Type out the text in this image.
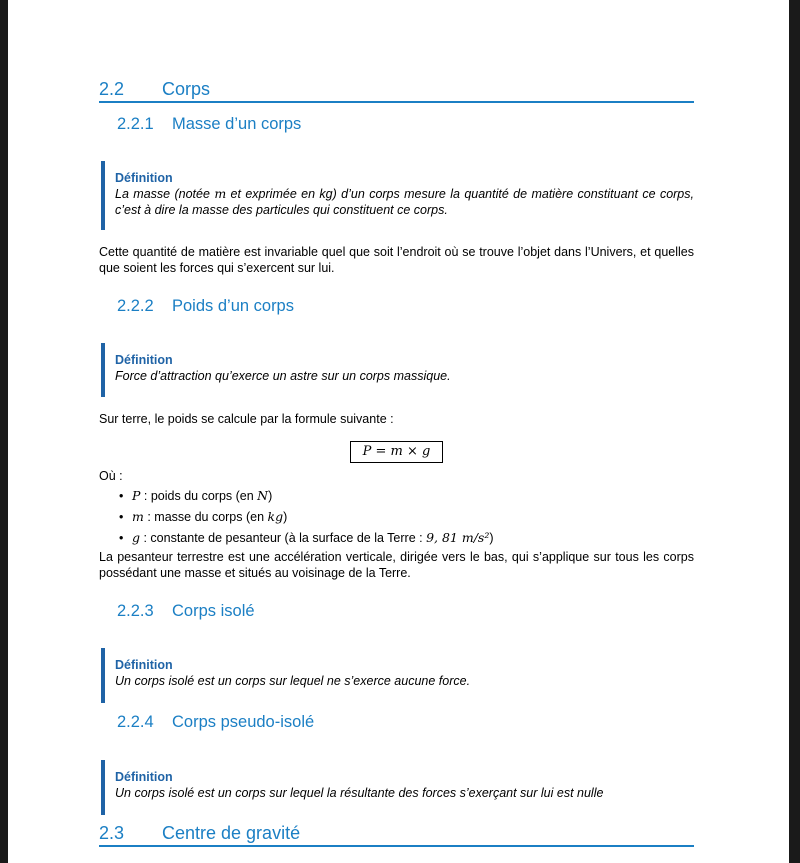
2.2 Corps
2.2.1 Masse d’un corps
Définition
La masse (notée m et exprimée en kg) d’un corps mesure la quantité de matière constituant ce corps, c’est à dire la masse des particules qui constituent ce corps.
Cette quantité de matière est invariable quel que soit l’endroit où se trouve l’objet dans l’Univers, et quelles que soient les forces qui s’exercent sur lui.
2.2.2 Poids d’un corps
Définition
Force d’attraction qu’exerce un astre sur un corps massique.
Sur terre, le poids se calcule par la formule suivante :
P = m × g
Où :
• P : poids du corps (en N)
• m : masse du corps (en kg)
• g : constante de pesanteur (à la surface de la Terre : 9, 81 m/s²)
La pesanteur terrestre est une accélération verticale, dirigée vers le bas, qui s’applique sur tous les corps possédant une masse et situés au voisinage de la Terre.
2.2.3 Corps isolé
Définition
Un corps isolé est un corps sur lequel ne s’exerce aucune force.
2.2.4 Corps pseudo-isolé
Définition
Un corps isolé est un corps sur lequel la résultante des forces s’exerçant sur lui est nulle
2.3 Centre de gravité
